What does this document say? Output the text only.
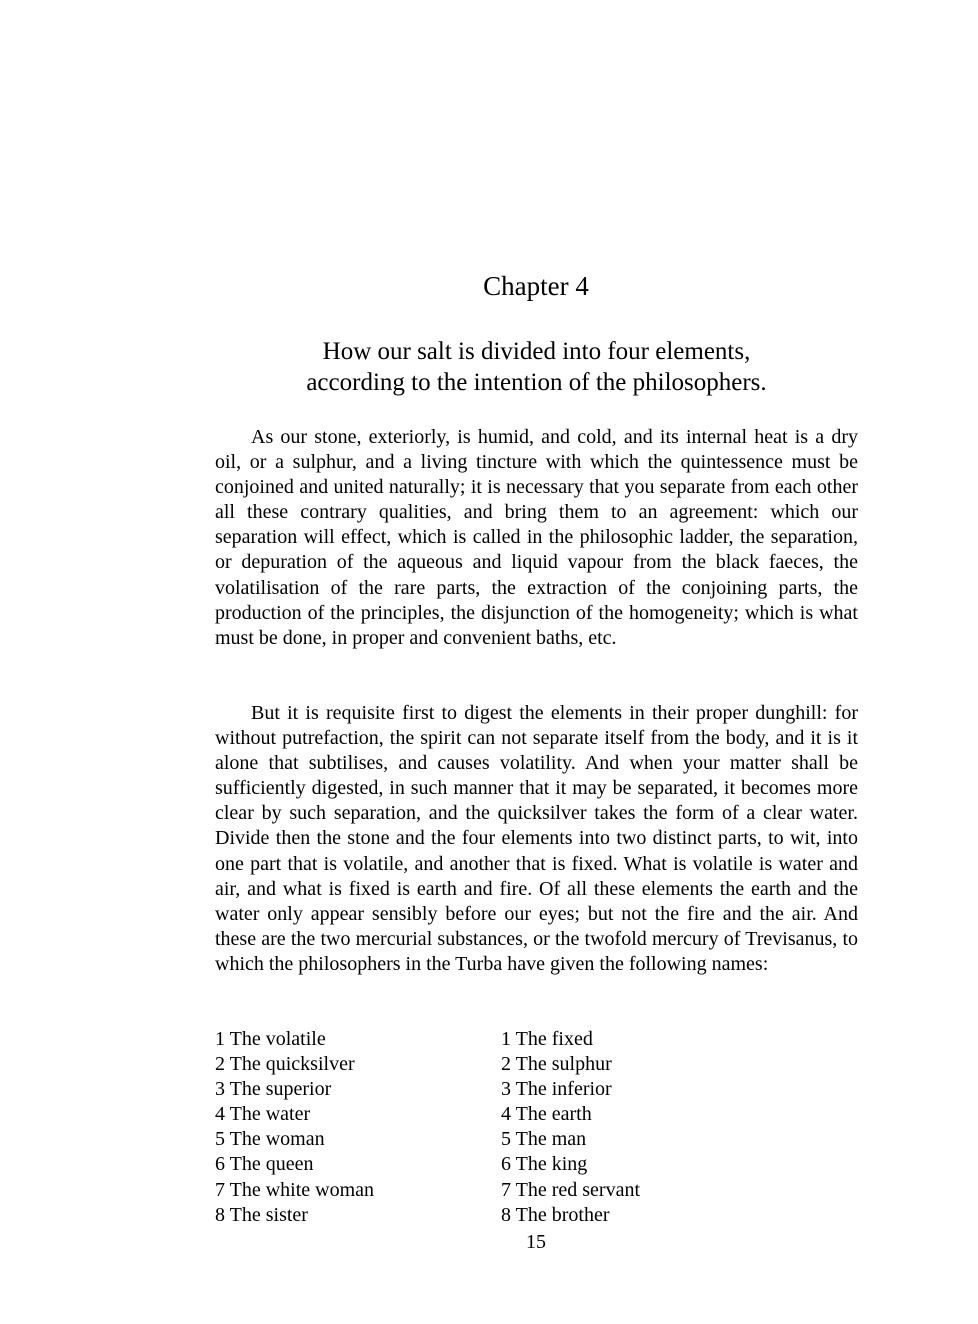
Chapter 4
How our salt is divided into four elements,
according to the intention of the philosophers.

As our stone, exteriorly, is humid, and cold, and its internal heat is a dry oil, or a sulphur, and a living tincture with which the quintessence must be conjoined and united naturally; it is necessary that you separate from each other all these contrary qualities, and bring them to an agreement: which our separation will effect, which is called in the philosophic ladder, the separation, or depuration of the aqueous and liquid vapour from the black faeces, the volatilisation of the rare parts, the extraction of the conjoining parts, the production of the principles, the disjunction of the homogeneity; which is what must be done, in proper and convenient baths, etc.

But it is requisite first to digest the elements in their proper dunghill: for without putrefaction, the spirit can not separate itself from the body, and it is it alone that subtilises, and causes volatility. And when your matter shall be sufficiently digested, in such manner that it may be separated, it becomes more clear by such separation, and the quicksilver takes the form of a clear water. Divide then the stone and the four elements into two distinct parts, to wit, into one part that is volatile, and another that is fixed. What is volatile is water and air, and what is fixed is earth and fire. Of all these elements the earth and the water only appear sensibly before our eyes; but not the fire and the air. And these are the two mercurial substances, or the twofold mercury of Trevisanus, to which the philosophers in the Turba have given the following names:

1 The volatile	1 The fixed
2 The quicksilver	2 The sulphur
3 The superior	3 The inferior
4 The water	4 The earth
5 The woman	5 The man
6 The queen	6 The king
7 The white woman	7 The red servant
8 The sister	8 The brother
15
